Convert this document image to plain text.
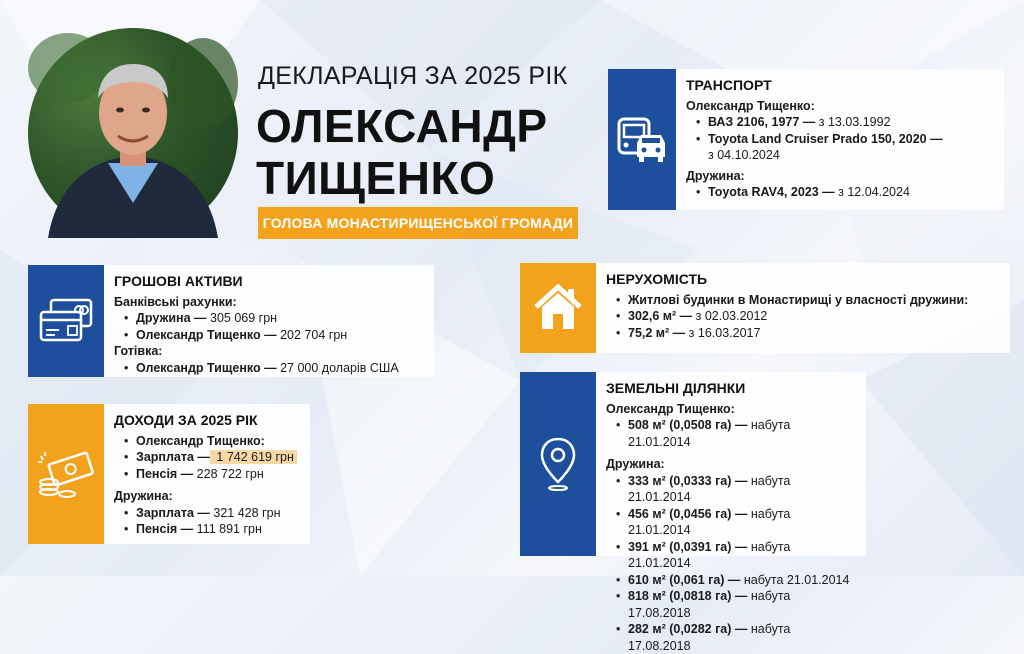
ДЕКЛАРАЦІЯ ЗА 2025 РІК
ОЛЕКСАНДР
ТИЩЕНКО
ГОЛОВА МОНАСТИРИЩЕНСЬКОЇ ГРОМАДИ
ТРАНСПОРТ
Олександр Тищенко:
• ВАЗ 2106, 1977 — з 13.03.1992
• Toyota Land Cruiser Prado 150, 2020 —
з 04.10.2024
Дружина:
• Toyota RAV4, 2023 — з 12.04.2024
ГРОШОВІ АКТИВИ
Банківські рахунки:
• Дружина — 305 069 грн
• Олександр Тищенко — 202 704 грн
Готівка:
• Олександр Тищенко — 27 000 доларів США
ДОХОДИ ЗА 2025 РІК
• Олександр Тищенко:
• Зарплата — 1 742 619 грн
• Пенсія — 228 722 грн
Дружина:
• Зарплата — 321 428 грн
• Пенсія — 111 891 грн
НЕРУХОМІСТЬ
• Житлові будинки в Монастирищі у власності дружини:
• 302,6 м² — з 02.03.2012
• 75,2 м² — з 16.03.2017
ЗЕМЕЛЬНІ ДІЛЯНКИ
Олександр Тищенко:
• 508 м² (0,0508 га) — набута 21.01.2014
Дружина:
• 333 м² (0,0333 га) — набута 21.01.2014
• 456 м² (0,0456 га) — набута 21.01.2014
• 391 м² (0,0391 га) — набута 21.01.2014
• 610 м² (0,061 га) — набута 21.01.2014
• 818 м² (0,0818 га) — набута 17.08.2018
• 282 м² (0,0282 га) — набута 17.08.2018
